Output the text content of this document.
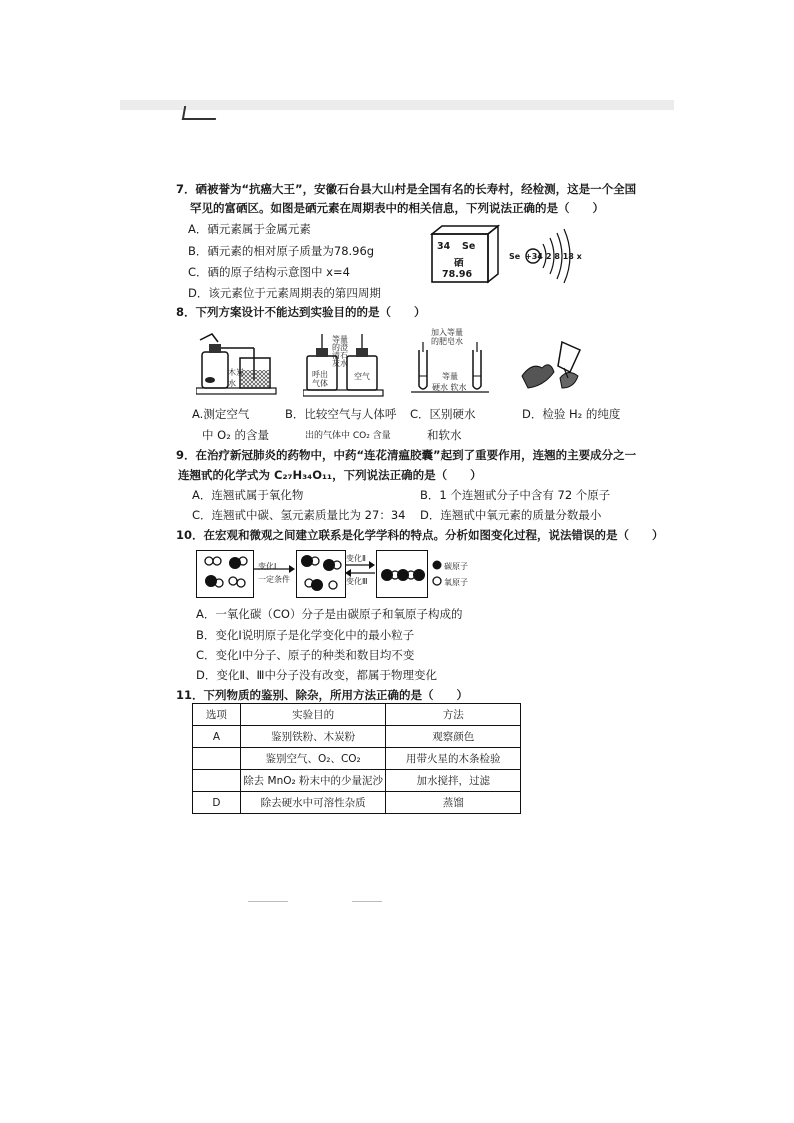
7．硒被誉为“抗癌大王”，安徽石台县大山村是全国有名的长寿村，经检测，这是一个全国
罕见的富硒区。如图是硒元素在周期表中的相关信息，下列说法正确的是（　　）
A．硒元素属于金属元素
B．硒元素的相对原子质量为78.96g
C．硒的原子结构示意图中 x=4
D．该元素位于元素周期表的第四周期
34 Se
硒
78.96
Se +34 2 8 18 x
8．下列方案设计不能达到实验目的的是（　　）
木炭
水
等量
的澄
清石
灰水
呼出
气体
空气
加入等量
的肥皂水
等量
硬水 软水
A.测定空气	B．比较空气与人体呼 C．区别硬水	D．检验 H₂ 的纯度
中 O₂ 的含量	出的气体中 CO₂ 含量	和软水
9．在治疗新冠肺炎的药物中，中药“连花清瘟胶囊”起到了重要作用，连翘的主要成分之一
连翘甙的化学式为 C₂₇H₃₄O₁₁，下列说法正确的是（　　）
A．连翘甙属于氧化物	B．1 个连翘甙分子中含有 72 个原子
C．连翘甙中碳、氢元素质量比为 27：34 D．连翘甙中氧元素的质量分数最小
10．在宏观和微观之间建立联系是化学学科的特点。分析如图变化过程，说法错误的是（　　）
变化Ⅰ
一定条件
变化Ⅱ
变化Ⅲ
碳原子
氧原子
A．一氧化碳（CO）分子是由碳原子和氧原子构成的
B．变化Ⅰ说明原子是化学变化中的最小粒子
C．变化Ⅰ中分子、原子的种类和数目均不变
D．变化Ⅱ、Ⅲ中分子没有改变，都属于物理变化
11．下列物质的鉴别、除杂，所用方法正确的是（　　）
选项	实验目的	方法
A	鉴别铁粉、木炭粉	观察颜色
	鉴别空气、O₂、CO₂	用带火星的木条检验
	除去 MnO₂ 粉末中的少量泥沙	加水搅拌，过滤
D	除去硬水中可溶性杂质	蒸馏
